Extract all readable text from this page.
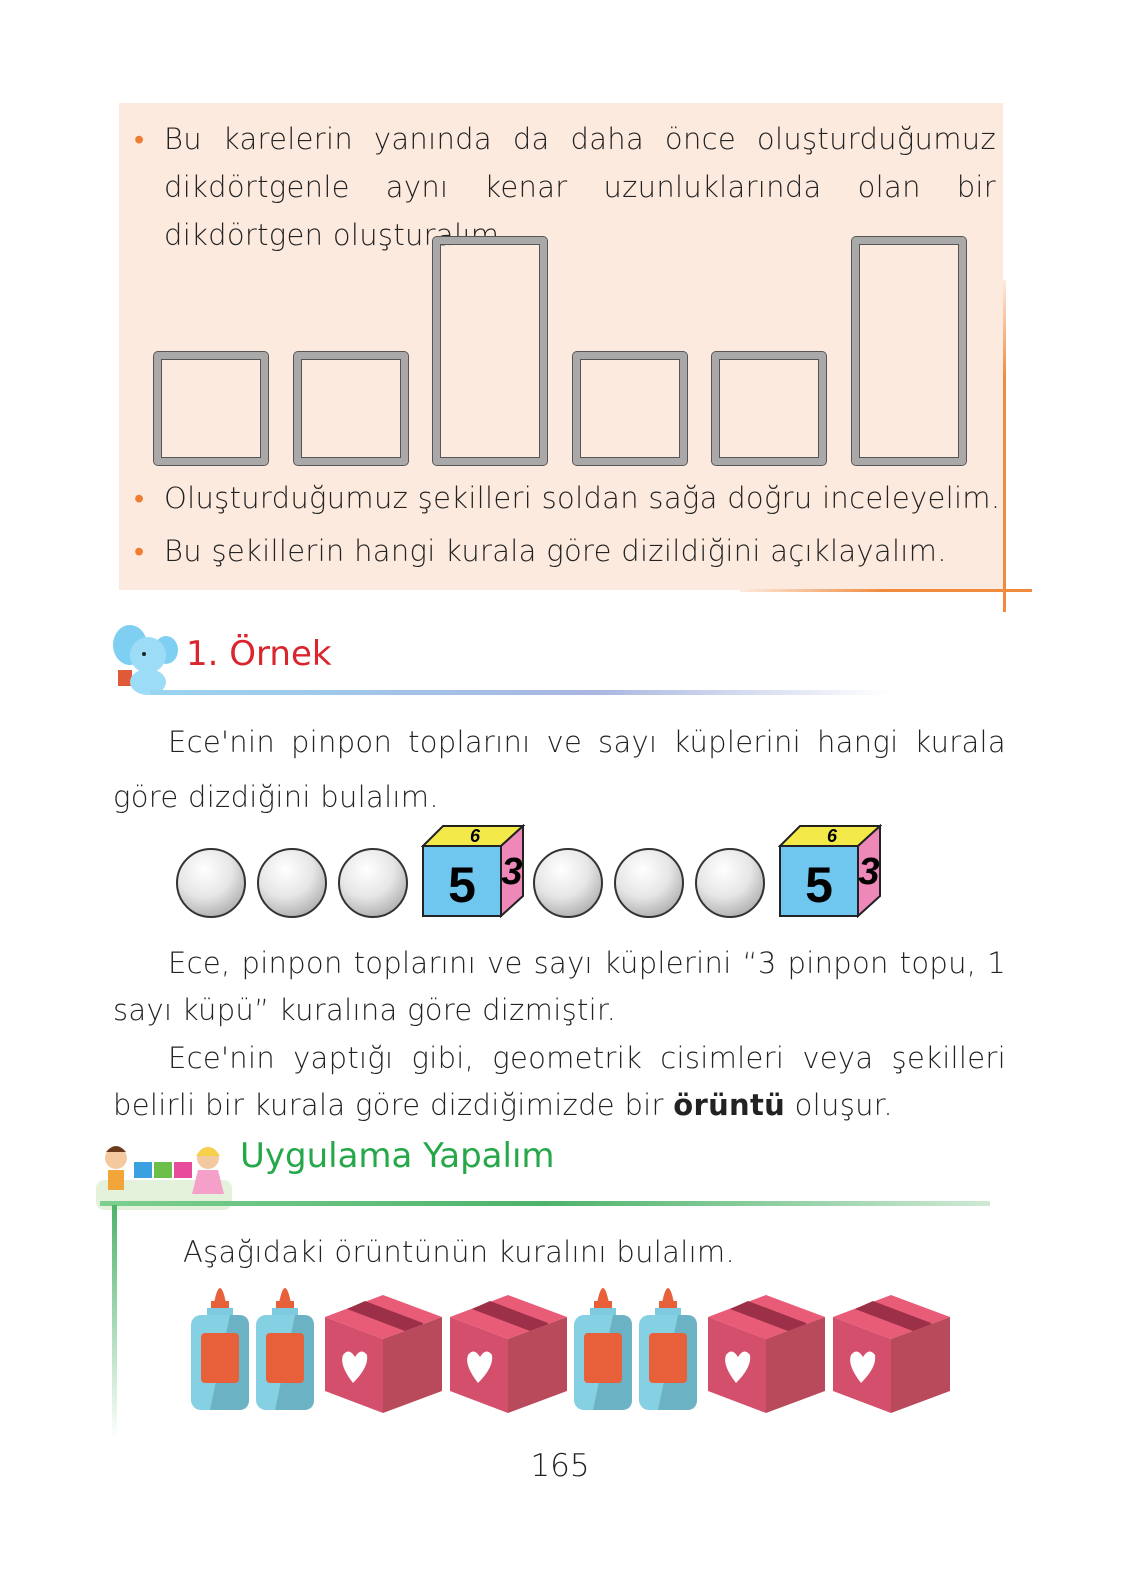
• Bu karelerin yanında da daha önce oluşturduğumuz dikdörtgenle aynı kenar uzunluklarında olan bir dikdörtgen oluşturalım.
• Oluşturduğumuz şekilleri soldan sağa doğru inceleyelim.
• Bu şekillerin hangi kurala göre dizildiğini açıklayalım.
1. Örnek
Ece'nin pinpon toplarını ve sayı küplerini hangi kurala göre dizdiğini bulalım.
5 3
6
5 3
6
Ece, pinpon toplarını ve sayı küplerini “3 pinpon topu, 1 sayı küpü” kuralına göre dizmiştir.
Ece'nin yaptığı gibi, geometrik cisimleri veya şekilleri belirli bir kurala göre dizdiğimizde bir örüntü oluşur.
Uygulama Yapalım
Aşağıdaki örüntünün kuralını bulalım.
165
